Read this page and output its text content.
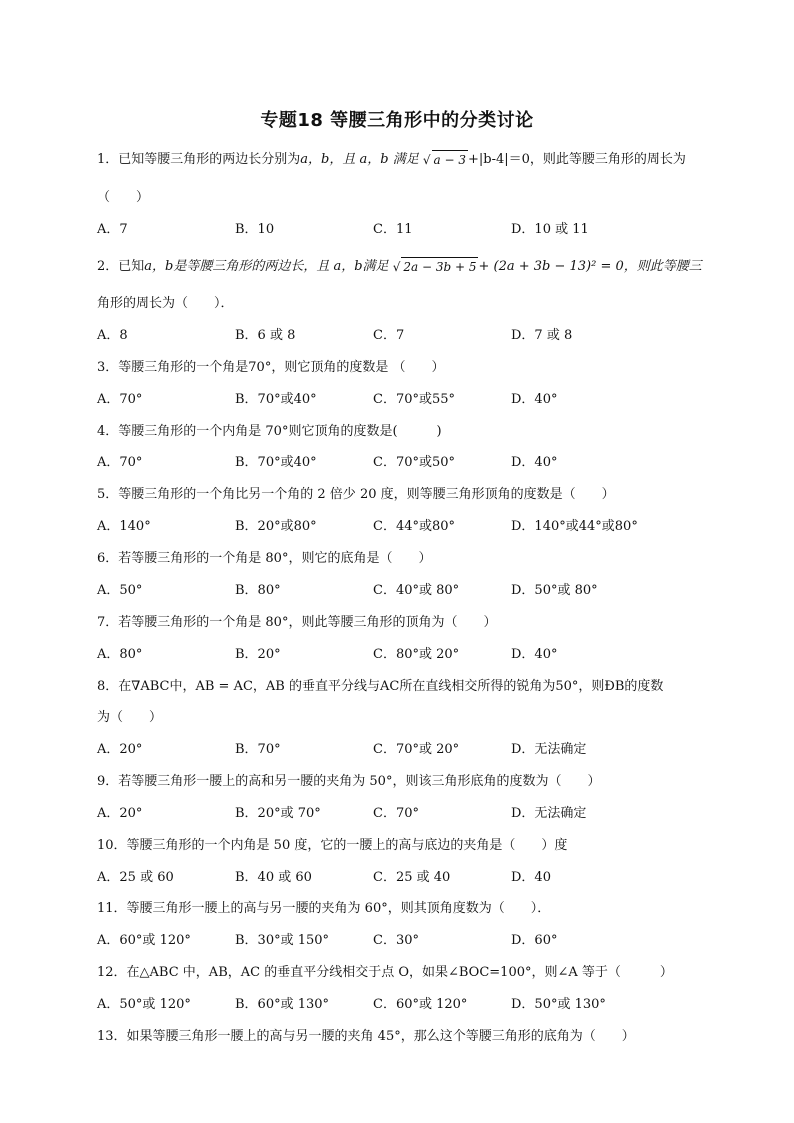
专题18 等腰三角形中的分类讨论
1．已知等腰三角形的两边长分别为a，b，且 a，b 满足 √ a − 3 +|b-4|＝0，则此等腰三角形的周长为
（　　）
A．7	B．10	C．11	D．10 或 11
2．已知a，b是等腰三角形的两边长，且 a，b满足 √ 2a − 3b + 5 + (2a + 3b − 13)² = 0，则此等腰三
角形的周长为（　　）．
A．8	B．6 或 8	C．7	D．7 或 8
3．等腰三角形的一个角是70°，则它顶角的度数是 （　　）
A．70°	B．70°或40°	C．70°或55°	D．40°
4．等腰三角形的一个内角是 70°则它顶角的度数是(　　　)
A．70°	B．70°或40°	C．70°或50°	D．40°
5．等腰三角形的一个角比另一个角的 2 倍少 20 度，则等腰三角形顶角的度数是（　　）
A．140°	B．20°或80°	C．44°或80°	D．140°或44°或80°
6．若等腰三角形的一个角是 80°，则它的底角是（　　）
A．50°	B．80°	C．40°或 80°	D．50°或 80°
7．若等腰三角形的一个角是 80°，则此等腰三角形的顶角为（　　）
A．80°	B．20°	C．80°或 20°	D．40°
8．在∇ABC中，AB = AC，AB 的垂直平分线与AC所在直线相交所得的锐角为50°，则ÐB的度数
为（　　）
A．20°	B．70°	C．70°或 20°	D．无法确定
9．若等腰三角形一腰上的高和另一腰的夹角为 50°，则该三角形底角的度数为（　　）
A．20°	B．20°或 70°	C．70°	D．无法确定
10．等腰三角形的一个内角是 50 度，它的一腰上的高与底边的夹角是（　　）度
A．25 或 60	B．40 或 60	C．25 或 40	D．40
11．等腰三角形一腰上的高与另一腰的夹角为 60°，则其顶角度数为（　　）．
A．60°或 120°	B．30°或 150°	C．30°	D．60°
12．在△ABC 中，AB，AC 的垂直平分线相交于点 O，如果∠BOC=100°，则∠A 等于（　　　）
A．50°或 120°	B．60°或 130°	C．60°或 120°	D．50°或 130°
13．如果等腰三角形一腰上的高与另一腰的夹角 45°，那么这个等腰三角形的底角为（　　）
